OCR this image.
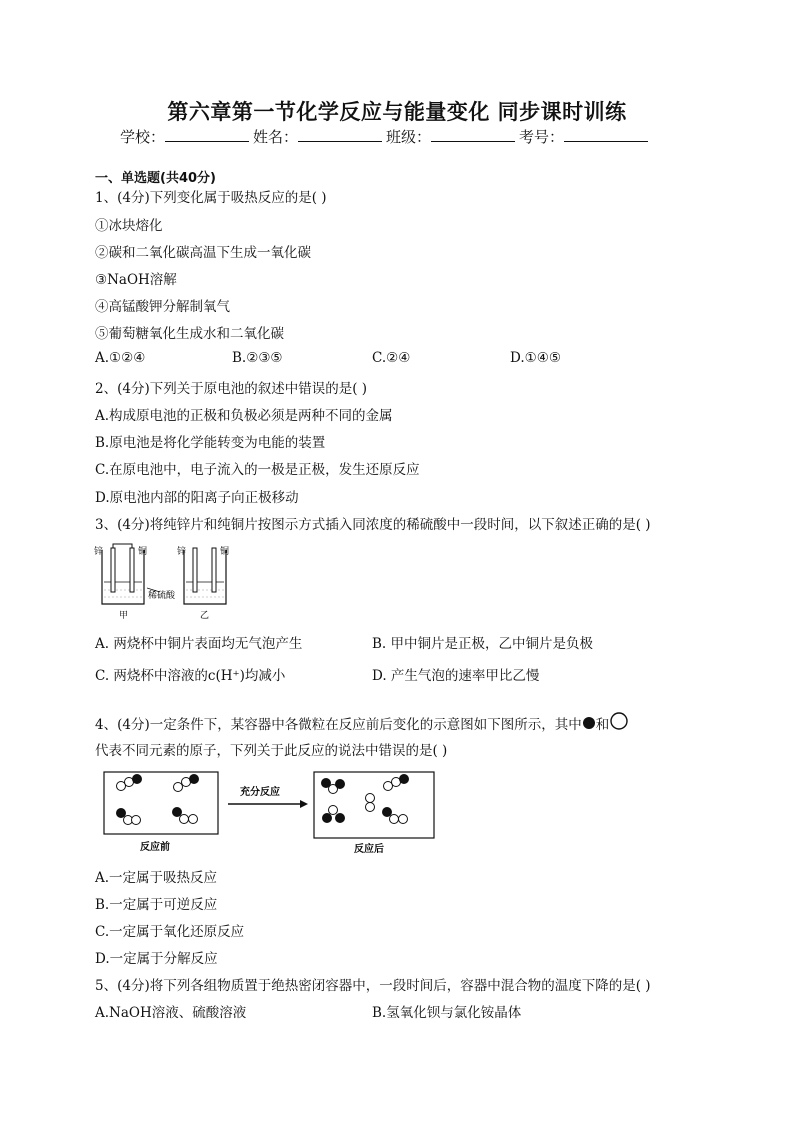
第六章第一节化学反应与能量变化 同步课时训练
学校：	姓名：	班级：	考号：
一、单选题(共40分)
1、(4分)下列变化属于吸热反应的是( )
①冰块熔化
②碳和二氧化碳高温下生成一氧化碳
③NaOH溶解
④高锰酸钾分解制氧气
⑤葡萄糖氧化生成水和二氧化碳
A.①②④	B.②③⑤	C.②④	D.①④⑤
2、(4分)下列关于原电池的叙述中错误的是( )
A.构成原电池的正极和负极必须是两种不同的金属
B.原电池是将化学能转变为电能的装置
C.在原电池中，电子流入的一极是正极，发生还原反应
D.原电池内部的阳离子向正极移动
3、(4分)将纯锌片和纯铜片按图示方式插入同浓度的稀硫酸中一段时间，以下叙述正确的是( )
锌	铜	锌	铜
稀硫酸
甲	乙
A. 两烧杯中铜片表面均无气泡产生	B. 甲中铜片是正极，乙中铜片是负极
C. 两烧杯中溶液的c(H⁺)均减小	D. 产生气泡的速率甲比乙慢
4、(4分)一定条件下，某容器中各微粒在反应前后变化的示意图如下图所示，其中 和
代表不同元素的原子，下列关于此反应的说法中错误的是( )
充分反应
反应前	反应后
A.一定属于吸热反应
B.一定属于可逆反应
C.一定属于氧化还原反应
D.一定属于分解反应
5、(4分)将下列各组物质置于绝热密闭容器中，一段时间后，容器中混合物的温度下降的是( )
A.NaOH溶液、硫酸溶液	B.氢氧化钡与氯化铵晶体
